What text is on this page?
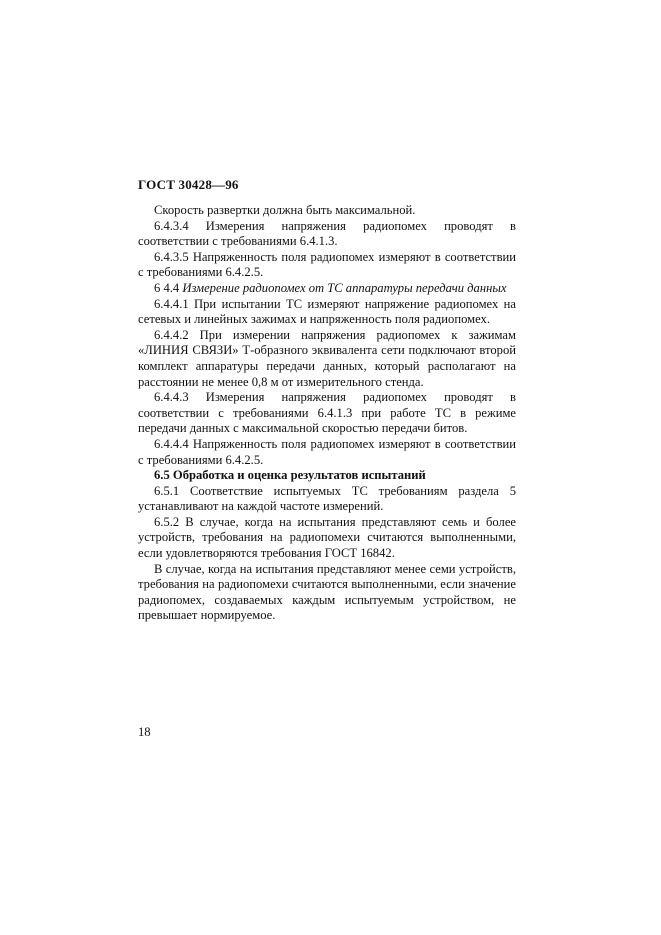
ГОСТ 30428—96

Скорость развертки должна быть максимальной.

6.4.3.4 Измерения напряжения радиопомех проводят в соответствии с требованиями 6.4.1.3.

6.4.3.5 Напряженность поля радиопомех измеряют в соответствии с требованиями 6.4.2.5.

6 4.4 Измерение радиопомех от ТС аппаратуры передачи данных

6.4.4.1 При испытании ТС измеряют напряжение радиопомех на сетевых и линейных зажимах и напряженность поля радиопомех.

6.4.4.2 При измерении напряжения радиопомех к зажимам «ЛИНИЯ СВЯЗИ» Т-образного эквивалента сети подключают второй комплект аппаратуры передачи данных, который располагают на расстоянии не менее 0,8 м от измерительного стенда.

6.4.4.3 Измерения напряжения радиопомех проводят в соответствии с требованиями 6.4.1.3 при работе ТС в режиме передачи данных с максимальной скоростью передачи битов.

6.4.4.4 Напряженность поля радиопомех измеряют в соответствии с требованиями 6.4.2.5.

6.5 Обработка и оценка результатов испытаний

6.5.1 Соответствие испытуемых ТС требованиям раздела 5 устанавливают на каждой частоте измерений.

6.5.2 В случае, когда на испытания представляют семь и более устройств, требования на радиопомехи считаются выполненными, если удовлетворяются требования ГОСТ 16842.

В случае, когда на испытания представляют менее семи устройств, требования на радиопомехи считаются выполненными, если значение радиопомех, создаваемых каждым испытуемым устройством, не превышает нормируемое.

18
